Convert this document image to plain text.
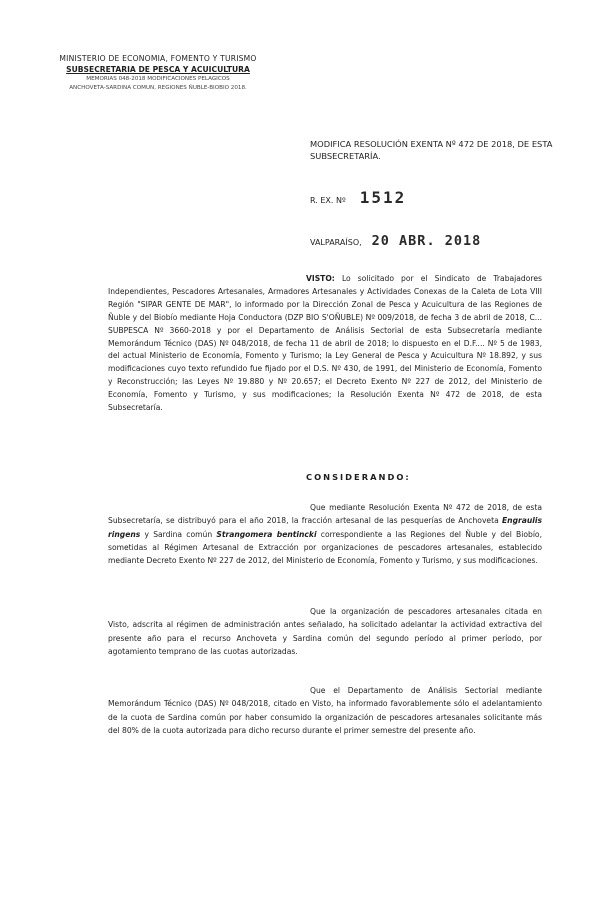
MINISTERIO DE ECONOMIA, FOMENTO Y TURISMO
SUBSECRETARIA DE PESCA Y ACUICULTURA
MEMORIAS 048-2018 MODIFICACIONES PELAGICOS
ANCHOVETA-SARDINA COMUN, REGIONES ÑUBLE-BIOBIO 2018.
MODIFICA RESOLUCIÓN EXENTA Nº 472 DE 2018, DE ESTA SUBSECRETARÍA.
R. EX. Nº 1512
VALPARAÍSO, 20 ABR. 2018
VISTO: Lo solicitado por el Sindicato de Trabajadores Independientes, Pescadores Artesanales, Armadores Artesanales y Actividades Conexas de la Caleta de Lota VIII Región "SIPAR GENTE DE MAR", lo informado por la Dirección Zonal de Pesca y Acuicultura de las Regiones de Ñuble y del Biobío mediante Hoja Conductora (DZP BIO S'OÑUBLE) Nº 009/2018, de fecha 3 de abril de 2018, C... SUBPESCA Nº 3660-2018 y por el Departamento de Análisis Sectorial de esta Subsecretaría mediante Memorándum Técnico (DAS) Nº 048/2018, de fecha 11 de abril de 2018; lo dispuesto en el D.F.... Nº 5 de 1983, del actual Ministerio de Economía, Fomento y Turismo; la Ley General de Pesca y Acuicultura Nº 18.892, y sus modificaciones cuyo texto refundido fue fijado por el D.S. Nº 430, de 1991, del Ministerio de Economía, Fomento y Reconstrucción; las Leyes Nº 19.880 y Nº 20.657; el Decreto Exento Nº 227 de 2012, del Ministerio de Economía, Fomento y Turismo, y sus modificaciones; la Resolución Exenta Nº 472 de 2018, de esta Subsecretaría.
CONSIDERANDO:
Que mediante Resolución Exenta Nº 472 de 2018, de esta Subsecretaría, se distribuyó para el año 2018, la fracción artesanal de las pesquerías de Anchoveta Engraulis ringens y Sardina común Strangomera bentincki correspondiente a las Regiones del Ñuble y del Biobío, sometidas al Régimen Artesanal de Extracción por organizaciones de pescadores artesanales, establecido mediante Decreto Exento Nº 227 de 2012, del Ministerio de Economía, Fomento y Turismo, y sus modificaciones.
Que la organización de pescadores artesanales citada en Visto, adscrita al régimen de administración antes señalado, ha solicitado adelantar la actividad extractiva del presente año para el recurso Anchoveta y Sardina común del segundo período al primer período, por agotamiento temprano de las cuotas autorizadas.
Que el Departamento de Análisis Sectorial mediante Memorándum Técnico (DAS) Nº 048/2018, citado en Visto, ha informado favorablemente sólo el adelantamiento de la cuota de Sardina común por haber consumido la organización de pescadores artesanales solicitante más del 80% de la cuota autorizada para dicho recurso durante el primer semestre del presente año.
